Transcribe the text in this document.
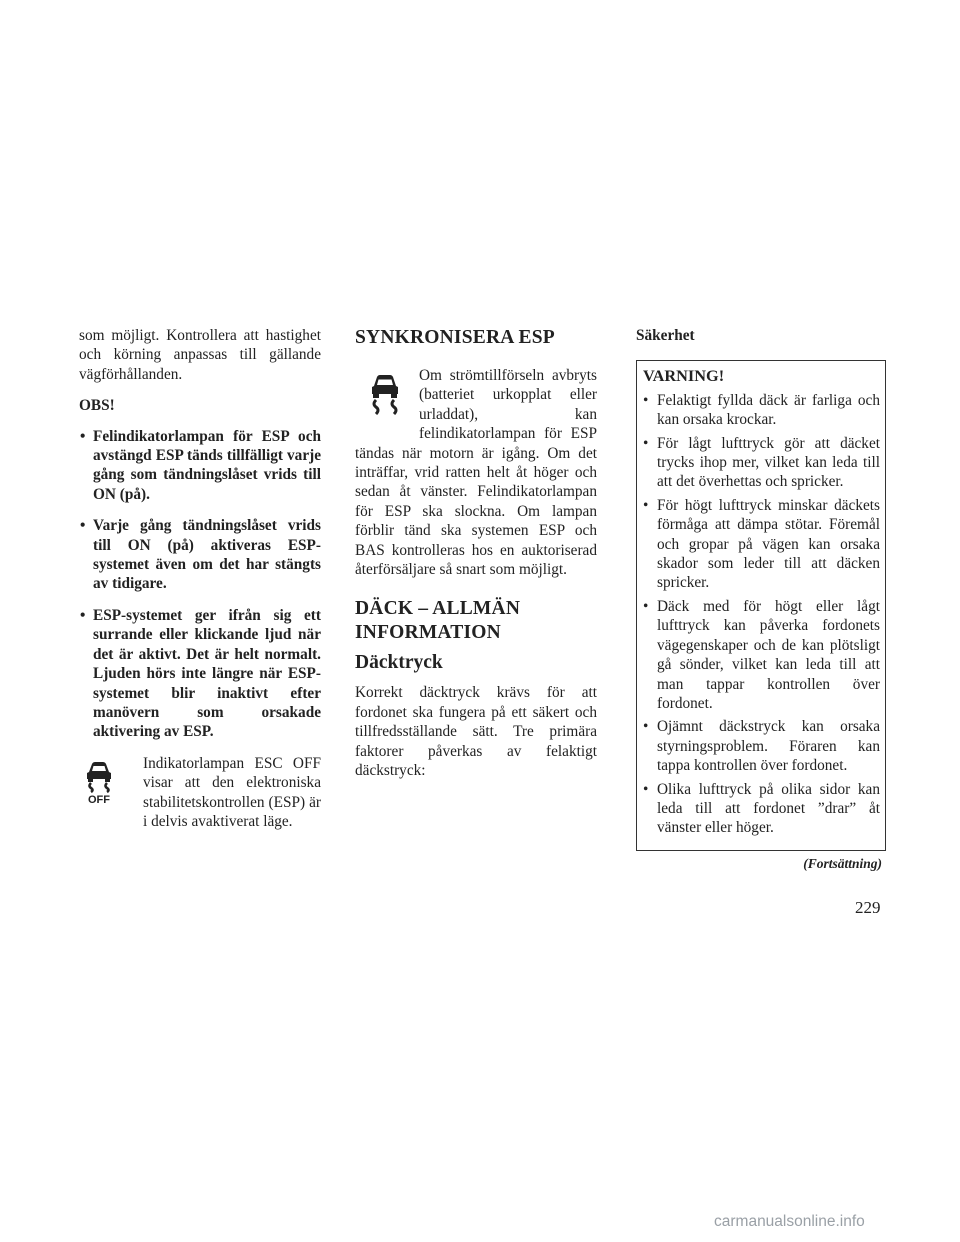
som möjligt. Kontrollera att hastighet och körning anpassas till gällande vägförhållanden.

OBS!

• Felindikatorlampan för ESP och avstängd ESP tänds tillfälligt varje gång som tändningslåset vrids till ON (på).
• Varje gång tändningslåset vrids till ON (på) aktiveras ESP-systemet även om det har stängts av tidigare.
• ESP-systemet ger ifrån sig ett surrande eller klickande ljud när det är aktivt. Det är helt normalt. Ljuden hörs inte längre när ESP-systemet blir inaktivt efter manövern som orsakade aktivering av ESP.
OFF
Indikatorlampan ESC OFF visar att den elektroniska stabilitetskontrollen (ESP) är i delvis avaktiverat läge.
SYNKRONISERA ESP

Om strömtillförseln avbryts (batteriet urkopplat eller urladdat), kan felindikatorlampan för ESP tändas när motorn är igång. Om det inträffar, vrid ratten helt åt höger och sedan åt vänster. Felindikatorlampan för ESP ska slockna. Om lampan förblir tänd ska systemen ESP och BAS kontrolleras hos en auktoriserad återförsäljare så snart som möjligt.

DÄCK – ALLMÄN INFORMATION
Däcktryck

Korrekt däcktryck krävs för att fordonet ska fungera på ett säkert och tillfredsställande sätt. Tre primära faktorer påverkas av felaktigt däckstryck:

Säkerhet

VARNING!

• Felaktigt fyllda däck är farliga och kan orsaka krockar.
• För lågt lufttryck gör att däcket trycks ihop mer, vilket kan leda till att det överhettas och spricker.
• För högt lufttryck minskar däckets förmåga att dämpa stötar. Föremål och gropar på vägen kan orsaka skador som leder till att däcken spricker.
• Däck med för högt eller lågt lufttryck kan påverka fordonets vägegenskaper och de kan plötsligt gå sönder, vilket kan leda till att man tappar kontrollen över fordonet.
• Ojämnt däckstryck kan orsaka styrningsproblem. Föraren kan tappa kontrollen över fordonet.
• Olika lufttryck på olika sidor kan leda till att fordonet ”drar” åt vänster eller höger.

(Fortsättning)

229
carmanualsonline.info
